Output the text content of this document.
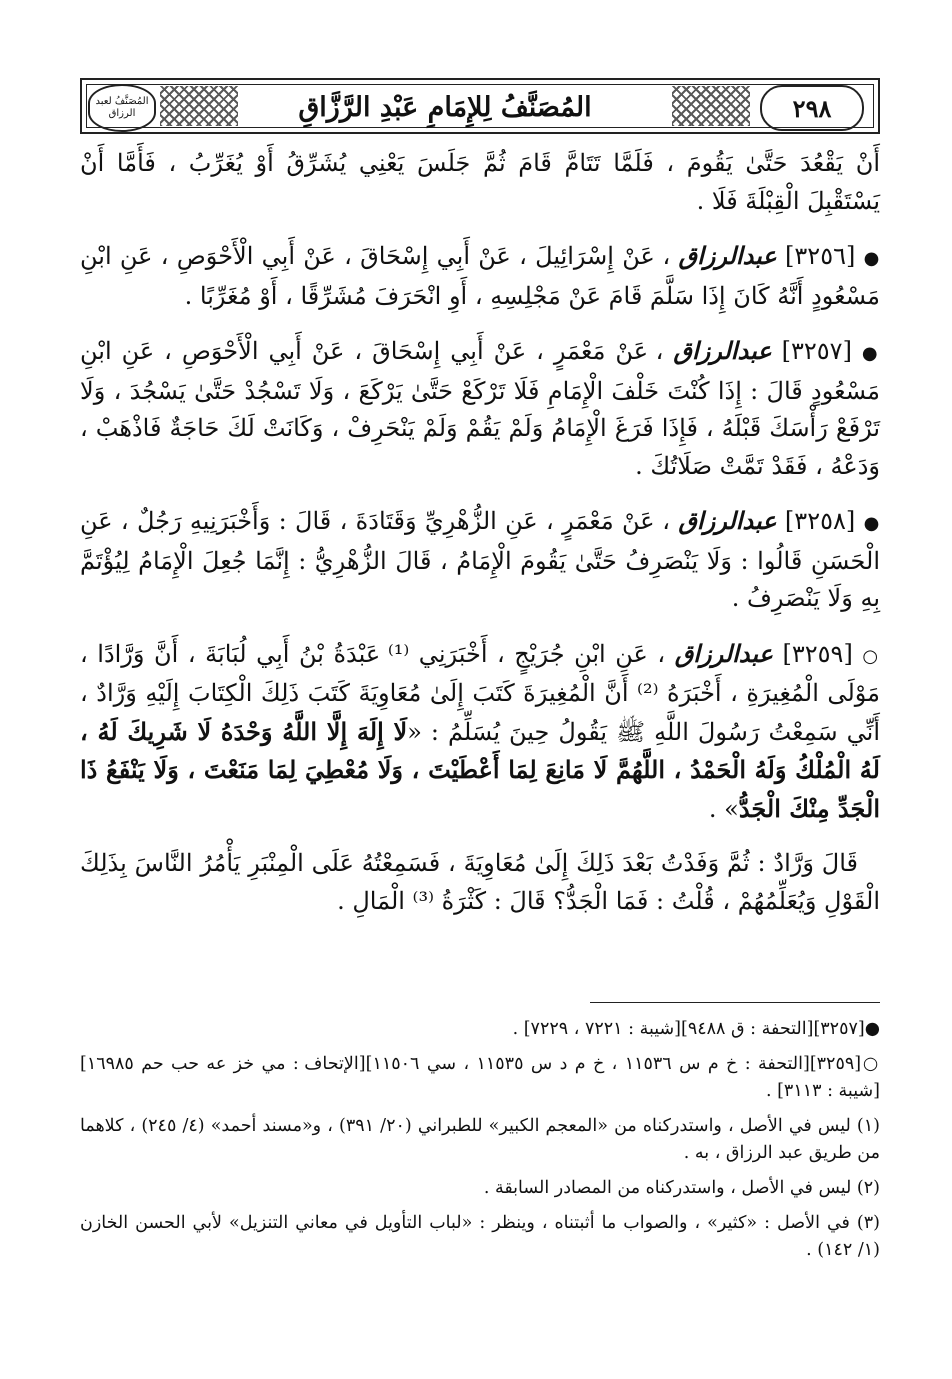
المُصَنَّفُ لعبد الرزاق	المُصَنَّفُ لِلإِمَامِ عَبْدِ الرَّزَّاقِ	٢٩٨

أَنْ يَقْعُدَ حَتَّىٰ يَقُومَ ، فَلَمَّا تَتَامَّ قَامَ ثُمَّ جَلَسَ يَعْنِي يُشَرِّقُ أَوْ يُغَرِّبُ ، فَأَمَّا أَنْ يَسْتَقْبِلَ الْقِبْلَةَ فَلَا .

● [٣٢٥٦] عبدالرزاق ، عَنْ إِسْرَائِيلَ ، عَنْ أَبِي إِسْحَاقَ ، عَنْ أَبِي الْأَحْوَصِ ، عَنِ ابْنِ مَسْعُودٍ أَنَّهُ كَانَ إِذَا سَلَّمَ قَامَ عَنْ مَجْلِسِهِ ، أَوِ انْحَرَفَ مُشَرِّقًا ، أَوْ مُغَرِّبًا .

● [٣٢٥٧] عبدالرزاق ، عَنْ مَعْمَرٍ ، عَنْ أَبِي إِسْحَاقَ ، عَنْ أَبِي الْأَحْوَصِ ، عَنِ ابْنِ مَسْعُودٍ قَالَ : إِذَا كُنْتَ خَلْفَ الْإِمَامِ فَلَا تَرْكَعْ حَتَّىٰ يَرْكَعَ ، وَلَا تَسْجُدْ حَتَّىٰ يَسْجُدَ ، وَلَا تَرْفَعْ رَأْسَكَ قَبْلَهُ ، فَإِذَا فَرَغَ الْإِمَامُ وَلَمْ يَقُمْ وَلَمْ يَنْحَرِفْ ، وَكَانَتْ لَكَ حَاجَةٌ فَاذْهَبْ ، وَدَعْهُ ، فَقَدْ تَمَّتْ صَلَاتُكَ .

● [٣٢٥٨] عبدالرزاق ، عَنْ مَعْمَرٍ ، عَنِ الزُّهْرِيِّ وَقَتَادَةَ ، قَالَ : وَأَخْبَرَنِيهِ رَجُلٌ ، عَنِ الْحَسَنِ قَالُوا : وَلَا يَنْصَرِفُ حَتَّىٰ يَقُومَ الْإِمَامُ ، قَالَ الزُّهْرِيُّ : إِنَّمَا جُعِلَ الْإِمَامُ لِيُؤْتَمَّ بِهِ وَلَا يَنْصَرِفُ .

○ [٣٢٥٩] عبدالرزاق ، عَنِ ابْنِ جُرَيْجٍ ، أَخْبَرَنِي ⁽¹⁾ عَبْدَةُ بْنُ أَبِي لُبَابَةَ ، أَنَّ وَرَّادًا ، مَوْلَى الْمُغِيرَةِ ، أَخْبَرَهُ ⁽²⁾ أَنَّ الْمُغِيرَةَ كَتَبَ إِلَىٰ مُعَاوِيَةَ كَتَبَ ذَلِكَ الْكِتَابَ إِلَيْهِ وَرَّادٌ ، أَنِّي سَمِعْتُ رَسُولَ اللَّهِ ﷺ يَقُولُ حِينَ يُسَلِّمُ : «لَا إِلَهَ إِلَّا اللَّهُ وَحْدَهُ لَا شَرِيكَ لَهُ ، لَهُ الْمُلْكُ وَلَهُ الْحَمْدُ ، اللَّهُمَّ لَا مَانِعَ لِمَا أَعْطَيْتَ ، وَلَا مُعْطِيَ لِمَا مَنَعْتَ ، وَلَا يَنْفَعُ ذَا الْجَدِّ مِنْكَ الْجَدُّ» .

قَالَ وَرَّادٌ : ثُمَّ وَفَدْتُ بَعْدَ ذَلِكَ إِلَىٰ مُعَاوِيَةَ ، فَسَمِعْتُهُ عَلَى الْمِنْبَرِ يَأْمُرُ النَّاسَ بِذَلِكَ الْقَوْلِ وَيُعَلِّمُهُمْ ، قُلْتُ : فَمَا الْجَدُّ؟ قَالَ : كَثْرَةُ ⁽³⁾ الْمَالِ .

●[٣٢٥٧][التحفة : ق ٩٤٨٨][شيبة : ٧٢٢١ ، ٧٢٢٩] .

○[٣٢٥٩][التحفة : خ م س ١١٥٣٦ ، خ م د س ١١٥٣٥ ، سي ١١٥٠٦][الإتحاف : مي خز عه حب حم ١٦٩٨٥][شيبة : ٣١١٣] .

(١) ليس في الأصل ، واستدركناه من «المعجم الكبير» للطبراني (٢٠/ ٣٩١) ، و«مسند أحمد» (٤/ ٢٤٥) ، كلاهما من طريق عبد الرزاق ، به .

(٢) ليس في الأصل ، واستدركناه من المصادر السابقة .

(٣) في الأصل : «كثير» ، والصواب ما أثبتناه ، وينظر : «لباب التأويل في معاني التنزيل» لأبي الحسن الخازن (١/ ١٤٢) .
